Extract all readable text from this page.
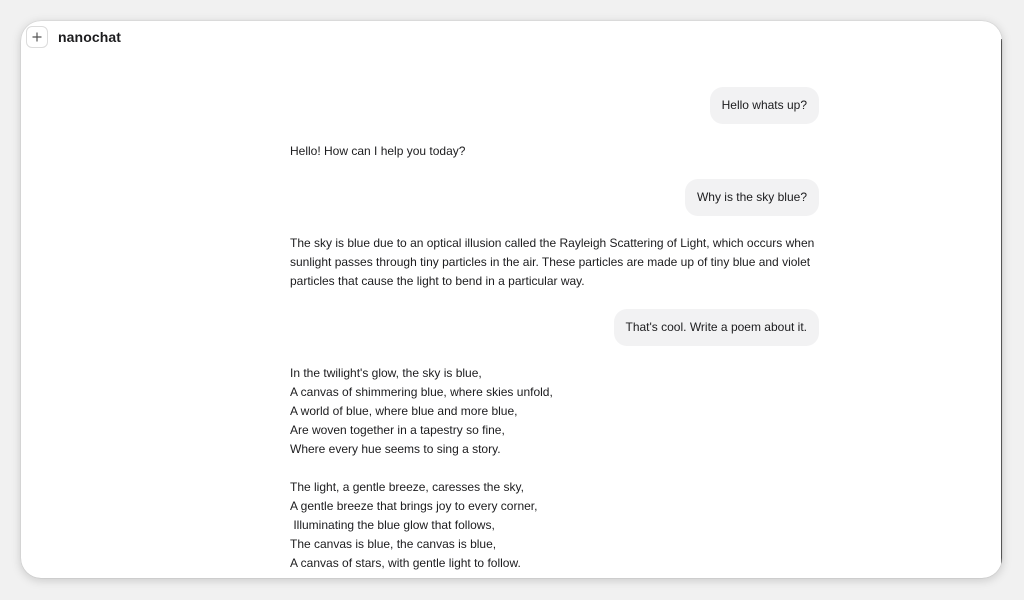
nanochat
Hello whats up?
Hello! How can I help you today?
Why is the sky blue?
The sky is blue due to an optical illusion called the Rayleigh Scattering of Light, which occurs when sunlight passes through tiny particles in the air. These particles are made up of tiny blue and violet particles that cause the light to bend in a particular way.
That's cool. Write a poem about it.
In the twilight's glow, the sky is blue,
A canvas of shimmering blue, where skies unfold,
A world of blue, where blue and more blue,
Are woven together in a tapestry so fine,
Where every hue seems to sing a story.

The light, a gentle breeze, caresses the sky,
A gentle breeze that brings joy to every corner,
Illuminating the blue glow that follows,
The canvas is blue, the canvas is blue,
A canvas of stars, with gentle light to follow.
